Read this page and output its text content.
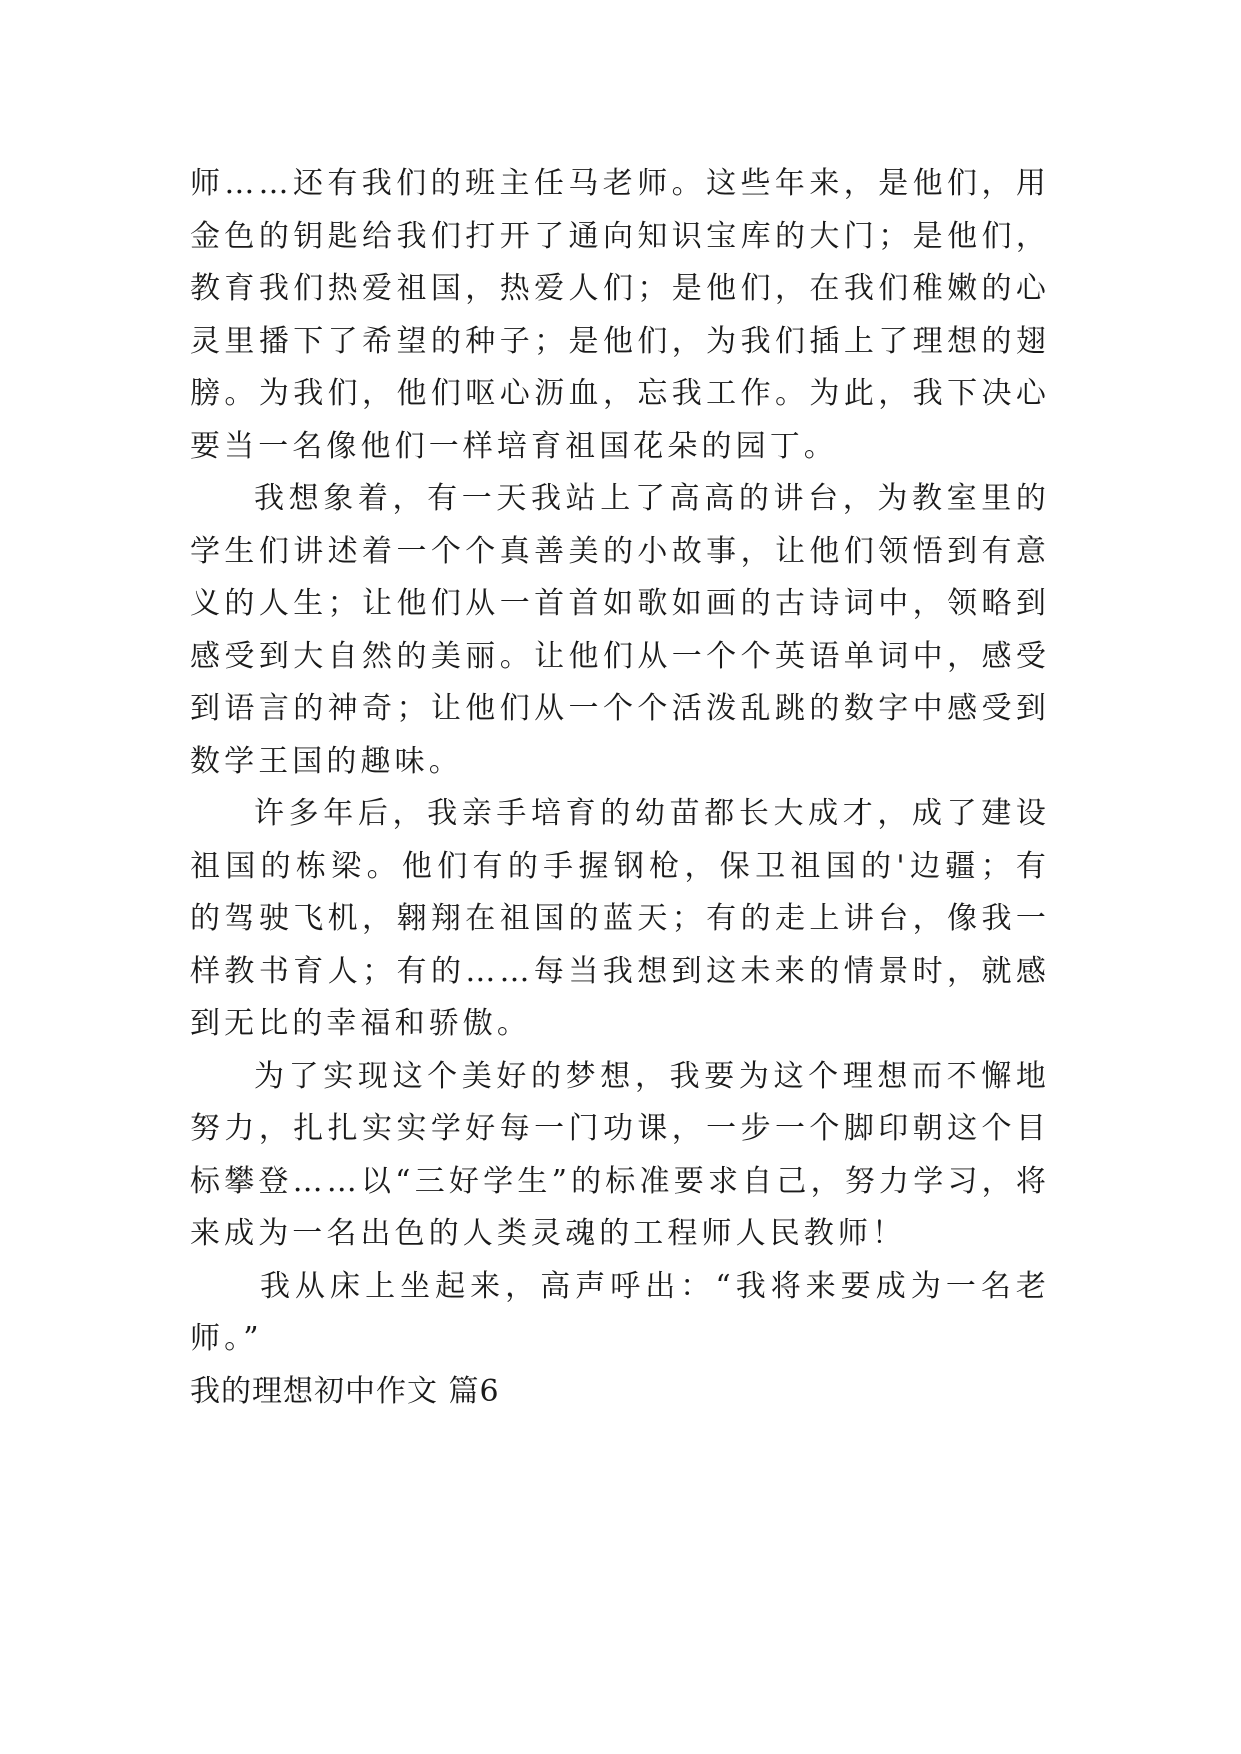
师……还有我们的班主任马老师。这些年来，是他们，用金色的钥匙给我们打开了通向知识宝库的大门；是他们，教育我们热爱祖国，热爱人们；是他们，在我们稚嫩的心灵里播下了希望的种子；是他们，为我们插上了理想的翅膀。为我们，他们呕心沥血，忘我工作。为此，我下决心要当一名像他们一样培育祖国花朵的园丁。

我想象着，有一天我站上了高高的讲台，为教室里的学生们讲述着一个个真善美的小故事，让他们领悟到有意义的人生；让他们从一首首如歌如画的古诗词中，领略到感受到大自然的美丽。让他们从一个个英语单词中，感受到语言的神奇；让他们从一个个活泼乱跳的数字中感受到数学王国的趣味。

许多年后，我亲手培育的幼苗都长大成才，成了建设祖国的栋梁。他们有的手握钢枪，保卫祖国的'边疆；有的驾驶飞机，翱翔在祖国的蓝天；有的走上讲台，像我一样教书育人；有的……每当我想到这未来的情景时，就感到无比的幸福和骄傲。

为了实现这个美好的梦想，我要为这个理想而不懈地努力，扎扎实实学好每一门功课，一步一个脚印朝这个目标攀登……以“三好学生”的标准要求自己，努力学习，将来成为一名出色的人类灵魂的工程师人民教师！

我从床上坐起来，高声呼出：“我将来要成为一名老师。”

我的理想初中作文 篇6
